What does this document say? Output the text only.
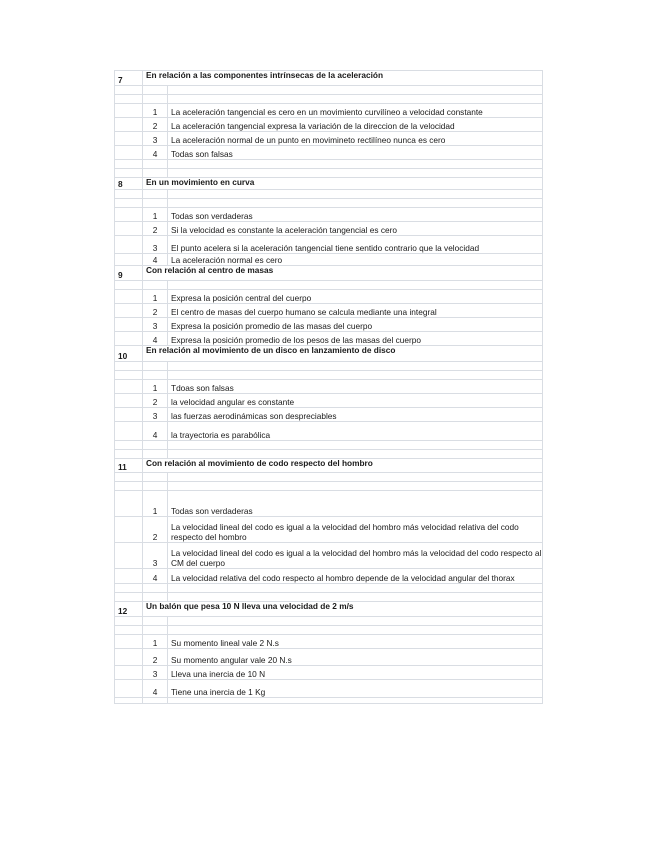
7	En relación a las componentes intrínsecas de la aceleración	

	1	La aceleración tangencial es cero en un movimiento curvilíneo a velocidad constante
	2	La aceleración tangencial expresa la variación de la direccion de la velocidad
	3	La aceleración normal de un punto en movimineto rectilíneo nunca es cero
	4	Todas son falsas

8	En un movimiento en curva	

	1	Todas son verdaderas
	2	Si la velocidad es constante la aceleración tangencial es cero
	3	El punto acelera si la aceleración tangencial tiene sentido contrario que la velocidad
	4	La aceleración normal es cero
9	Con relación al centro de masas	

	1	Expresa la posición central del cuerpo
	2	El centro de masas del cuerpo humano se calcula mediante una integral
	3	Expresa la posición promedio de las masas del cuerpo
	4	Expresa la posición promedio de los pesos de las masas del cuerpo
10	En relación al movimiento de un disco en lanzamiento de disco	

	1	Tdoas son falsas
	2	la velocidad angular es constante
	3	las fuerzas aerodinámicas son despreciables
	4	la trayectoria es parabólica

11	Con relación al movimiento de codo respecto del hombro	

	1	Todas son verdaderas
	2	La velocidad lineal del codo es igual a la velocidad del hombro más velocidad relativa del codo respecto del hombro
	3	La velocidad lineal del codo es igual a la velocidad del hombro más la velocidad del codo respecto al CM del cuerpo
	4	La velocidad relativa del codo respecto al hombro depende de la velocidad angular del thorax

12	Un balón que pesa 10 N lleva una velocidad de 2 m/s	

	1	Su momento lineal vale 2 N.s
	2	Su momento angular vale 20 N.s
	3	Lleva una inercia de 10 N
	4	Tiene una inercia de 1 Kg
